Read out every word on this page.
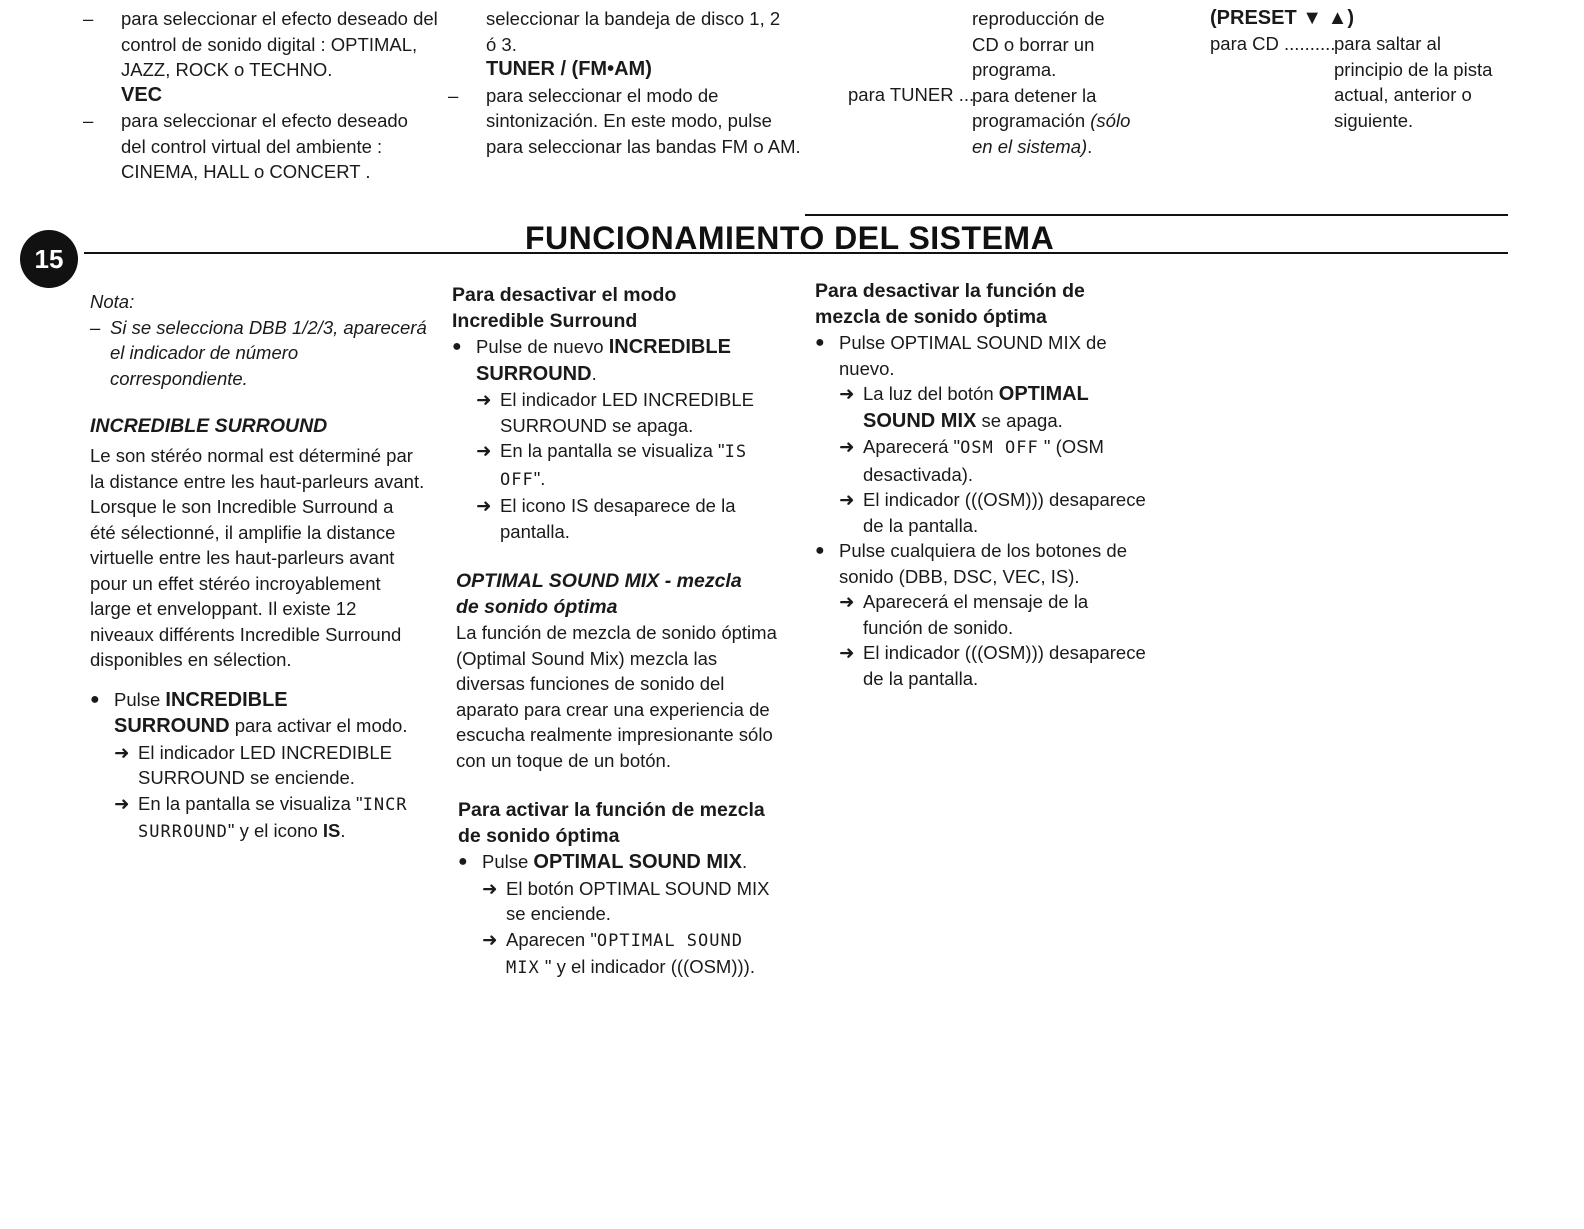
– para seleccionar el efecto deseado del
control de sonido digital : OPTIMAL,
JAZZ, ROCK o TECHNO.
VEC
– para seleccionar el efecto deseado
del control virtual del ambiente :
CINEMA, HALL o CONCERT .
seleccionar la bandeja de disco 1, 2
ó 3.
TUNER / (FM•AM)
– para seleccionar el modo de
sintonización. En este modo, pulse
para seleccionar las bandas FM o AM.
reproducción de
CD o borrar un
programa.
para detener la
programación (sólo
en el sistema).
para TUNER ...
(PRESET ▼ ▲)
para CD ..........
para saltar al
principio de la pista
actual, anterior o
siguiente.
15
FUNCIONAMIENTO DEL SISTEMA
Nota:
– Si se selecciona DBB 1/2/3, aparecerá
el indicador de número
correspondiente.
INCREDIBLE SURROUND
Le son stéréo normal est déterminé par
la distance entre les haut-parleurs avant.
Lorsque le son Incredible Surround a
été sélectionné, il amplifie la distance
virtuelle entre les haut-parleurs avant
pour un effet stéréo incroyablement
large et enveloppant. Il existe 12
niveaux différents Incredible Surround
disponibles en sélection.
● Pulse INCREDIBLE
SURROUND para activar el modo.
➜ El indicador LED INCREDIBLE
SURROUND se enciende.
➜ En la pantalla se visualiza "INCR
SURROUND" y el icono IS.
Para desactivar el modo
Incredible Surround
● Pulse de nuevo INCREDIBLE
SURROUND.
➜ El indicador LED INCREDIBLE
SURROUND se apaga.
➜ En la pantalla se visualiza "IS
OFF".
➜ El icono IS desaparece de la
pantalla.
OPTIMAL SOUND MIX - mezcla
de sonido óptima
La función de mezcla de sonido óptima
(Optimal Sound Mix) mezcla las
diversas funciones de sonido del
aparato para crear una experiencia de
escucha realmente impresionante sólo
con un toque de un botón.
Para activar la función de mezcla
de sonido óptima
● Pulse OPTIMAL SOUND MIX.
➜ El botón OPTIMAL SOUND MIX
se enciende.
➜ Aparecen "OPTIMAL SOUND
MIX " y el indicador (((OSM))).
Para desactivar la función de
mezcla de sonido óptima
● Pulse OPTIMAL SOUND MIX de
nuevo.
➜ La luz del botón OPTIMAL
SOUND MIX se apaga.
➜ Aparecerá "OSM OFF " (OSM
desactivada).
➜ El indicador (((OSM))) desaparece
de la pantalla.
● Pulse cualquiera de los botones de
sonido (DBB, DSC, VEC, IS).
➜ Aparecerá el mensaje de la
función de sonido.
➜ El indicador (((OSM))) desaparece
de la pantalla.
